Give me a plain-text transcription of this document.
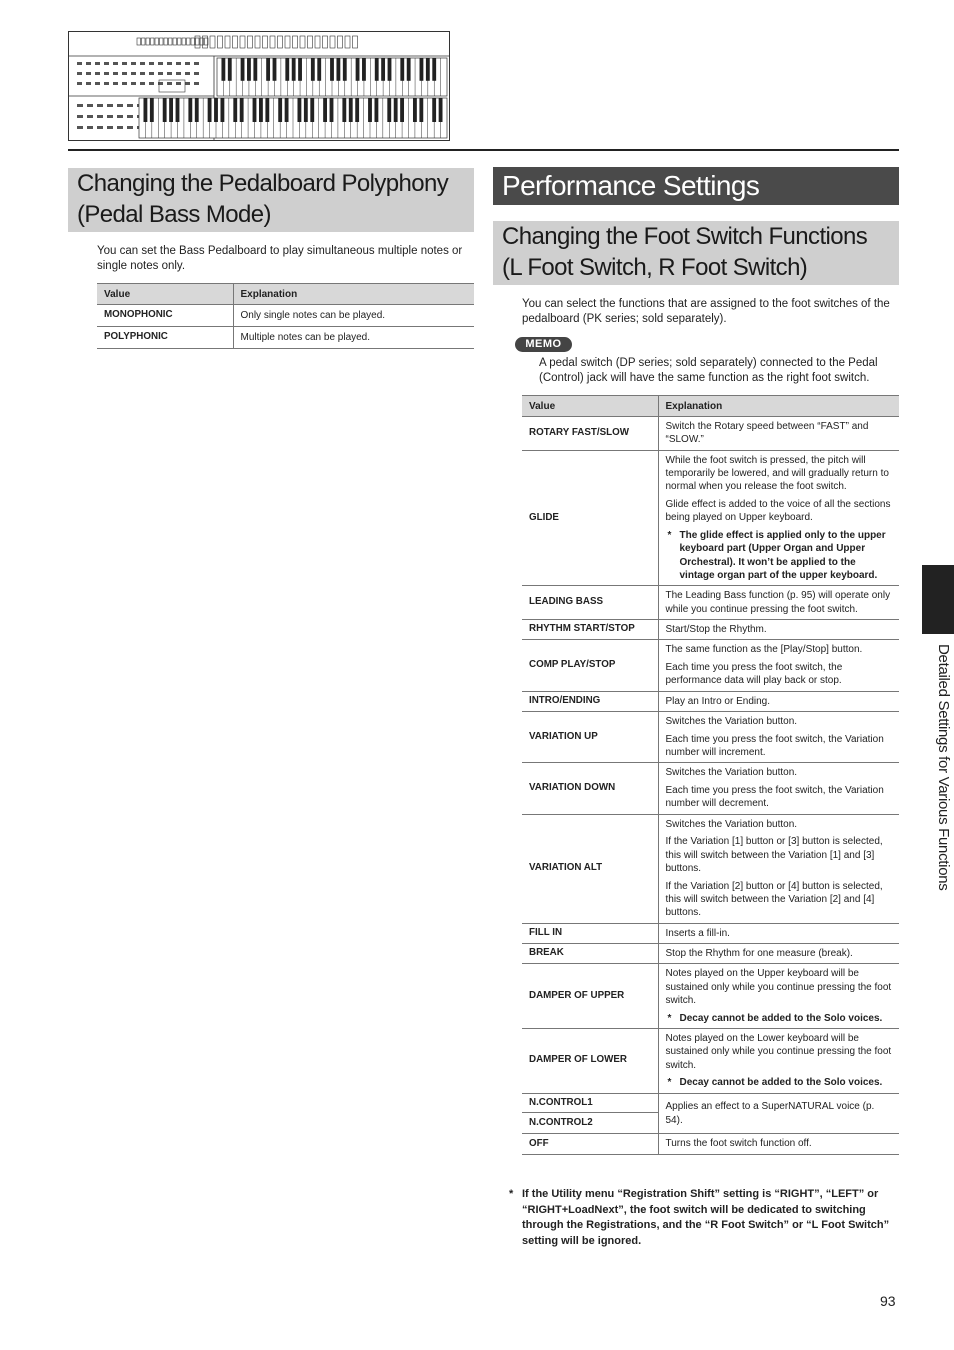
Changing the Pedalboard Polyphony
(Pedal Bass Mode)
You can set the Bass Pedalboard to play simultaneous multiple notes or single notes only.
Value	Explanation
MONOPHONIC	Only single notes can be played.
POLYPHONIC	Multiple notes can be played.
Performance Settings
Changing the Foot Switch Functions
(L Foot Switch, R Foot Switch)
You can select the functions that are assigned to the foot switches of the pedalboard (PK series; sold separately).
MEMO
A pedal switch (DP series; sold separately) connected to the Pedal (Control) jack will have the same function as the right foot switch.
Value	Explanation
ROTARY FAST/SLOW	Switch the Rotary speed between “FAST” and “SLOW.”

GLIDE	While the foot switch is pressed, the pitch will temporarily be lowered, and will gradually return to normal when you release the foot switch.

Glide effect is added to the voice of all the sections being played on Upper keyboard.

* The glide effect is applied only to the upper keyboard part (Upper Organ and Upper Orchestral). It won’t be applied to the vintage organ part of the upper keyboard.

LEADING BASS	The Leading Bass function (p. 95) will operate only while you continue pressing the foot switch.

RHYTHM START/STOP	Start/Stop the Rhythm.

COMP PLAY/STOP	The same function as the [Play/Stop] button.

Each time you press the foot switch, the performance data will play back or stop.

INTRO/ENDING	Play an Intro or Ending.

VARIATION UP	Switches the Variation button.

Each time you press the foot switch, the Variation number will increment.

VARIATION DOWN	Switches the Variation button.

Each time you press the foot switch, the Variation number will decrement.

VARIATION ALT	Switches the Variation button.

If the Variation [1] button or [3] button is selected, this will switch between the Variation [1] and [3] buttons.

If the Variation [2] button or [4] button is selected, this will switch between the Variation [2] and [4] buttons.

FILL IN	Inserts a fill-in.

BREAK	Stop the Rhythm for one measure (break).

DAMPER OF UPPER	Notes played on the Upper keyboard will be sustained only while you continue pressing the foot switch.

* Decay cannot be added to the Solo voices.

DAMPER OF LOWER	Notes played on the Lower keyboard will be sustained only while you continue pressing the foot switch.

* Decay cannot be added to the Solo voices.

N.CONTROL1	Applies an effect to a SuperNATURAL voice (p. 54).

N.CONTROL2	
OFF	Turns the foot switch function off.

* If the Utility menu “Registration Shift” setting is “RIGHT”, “LEFT” or “RIGHT+LoadNext”, the foot switch will be dedicated to switching through the Registrations, and the “R Foot Switch” or “L Foot Switch” setting will be ignored.
Detailed Settings for Various Functions
93
